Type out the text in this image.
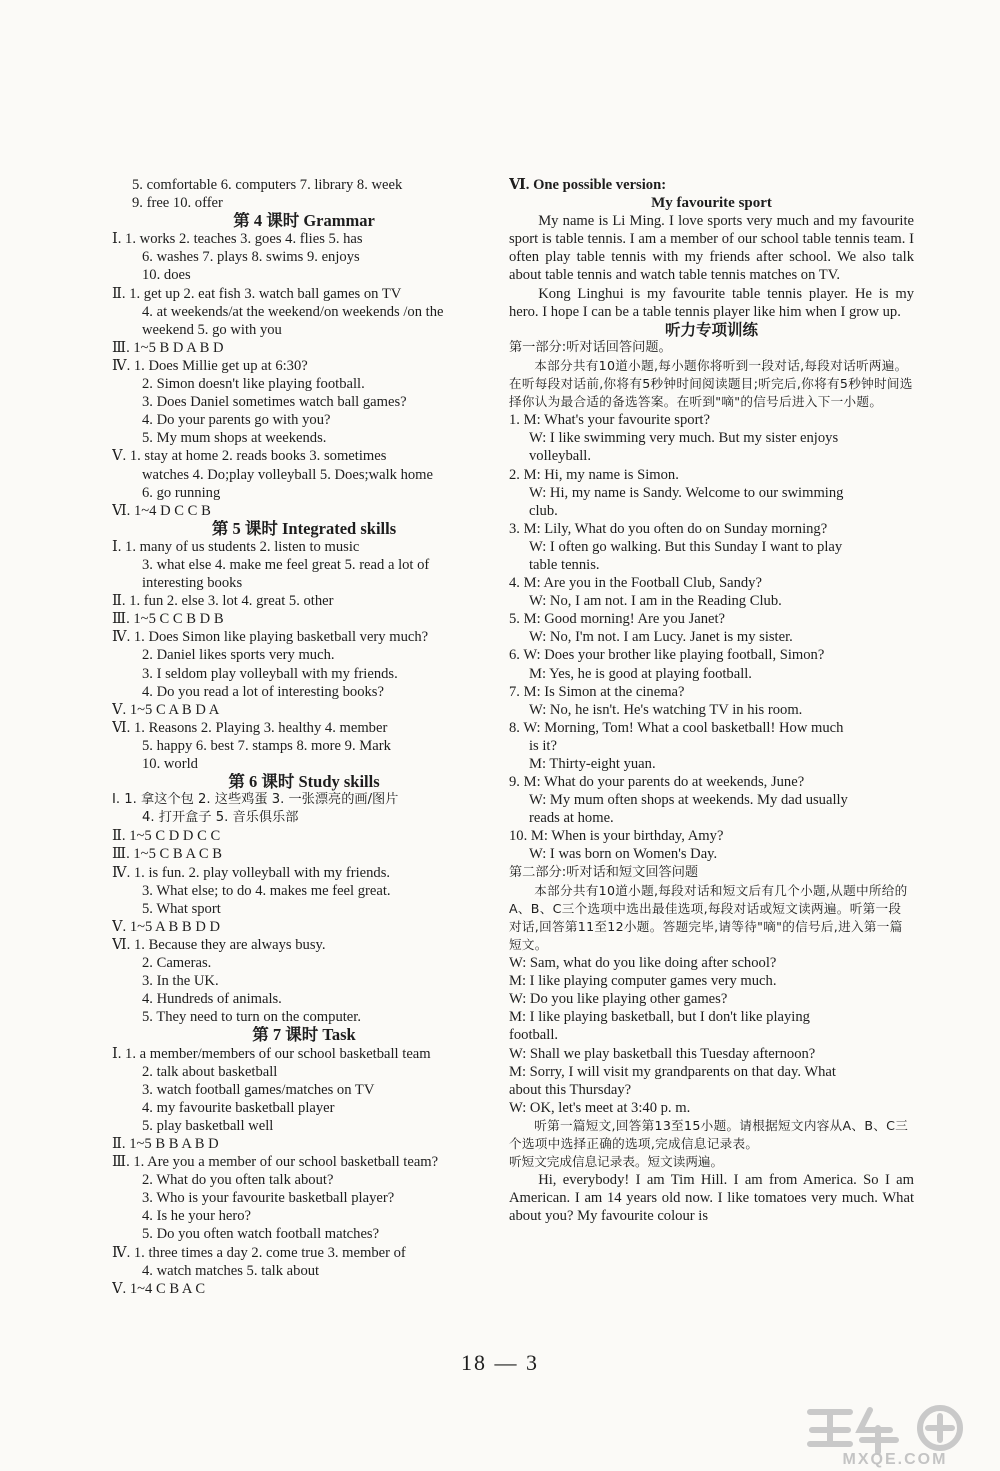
5. comfortable 6. computers 7. library 8. week
9. free 10. offer
第 4 课时 Grammar
Ⅰ. 1. works 2. teaches 3. goes 4. flies 5. has
6. washes 7. plays 8. swims 9. enjoys
10. does
Ⅱ. 1. get up 2. eat fish 3. watch ball games on TV
4. at weekends/at the weekend/on weekends /on the
weekend 5. go with you
Ⅲ. 1~5 B D A B D
Ⅳ. 1. Does Millie get up at 6:30?
2. Simon doesn't like playing football.
3. Does Daniel sometimes watch ball games?
4. Do your parents go with you?
5. My mum shops at weekends.
Ⅴ. 1. stay at home 2. reads books 3. sometimes
watches 4. Do;play volleyball 5. Does;walk home
6. go running
Ⅵ. 1~4 D C C B
第 5 课时 Integrated skills
Ⅰ. 1. many of us students 2. listen to music
3. what else 4. make me feel great 5. read a lot of
interesting books
Ⅱ. 1. fun 2. else 3. lot 4. great 5. other
Ⅲ. 1~5 C C B D B
Ⅳ. 1. Does Simon like playing basketball very much?
2. Daniel likes sports very much.
3. I seldom play volleyball with my friends.
4. Do you read a lot of interesting books?
Ⅴ. 1~5 C A B D A
Ⅵ. 1. Reasons 2. Playing 3. healthy 4. member
5. happy 6. best 7. stamps 8. more 9. Mark
10. world
第 6 课时 Study skills
Ⅰ. 1. 拿这个包 2. 这些鸡蛋 3. 一张漂亮的画/图片
4. 打开盒子 5. 音乐俱乐部
Ⅱ. 1~5 C D D C C
Ⅲ. 1~5 C B A C B
Ⅳ. 1. is fun. 2. play volleyball with my friends.
3. What else; to do 4. makes me feel great.
5. What sport
Ⅴ. 1~5 A B B D D
Ⅵ. 1. Because they are always busy.
2. Cameras.
3. In the UK.
4. Hundreds of animals.
5. They need to turn on the computer.
第 7 课时 Task
Ⅰ. 1. a member/members of our school basketball team
2. talk about basketball
3. watch football games/matches on TV
4. my favourite basketball player
5. play basketball well
Ⅱ. 1~5 B B A B D
Ⅲ. 1. Are you a member of our school basketball team?
2. What do you often talk about?
3. Who is your favourite basketball player?
4. Is he your hero?
5. Do you often watch football matches?
Ⅳ. 1. three times a day 2. come true 3. member of
4. watch matches 5. talk about
Ⅴ. 1~4 C B A C
Ⅵ. One possible version:
My favourite sport
My name is Li Ming. I love sports very much and my favourite sport is table tennis. I am a member of our school table tennis team. I often play table tennis with my friends after school. We also talk about table tennis and watch table tennis matches on TV.
Kong Linghui is my favourite table tennis player. He is my hero. I hope I can be a table tennis player like him when I grow up.
听力专项训练
第一部分:听对话回答问题。
本部分共有10道小题,每小题你将听到一段对话,每段对话听两遍。在听每段对话前,你将有5秒钟时间阅读题目;听完后,你将有5秒钟时间选择你认为最合适的备选答案。在听到"嘀"的信号后进入下一小题。
1. M: What's your favourite sport?
W: I like swimming very much. But my sister enjoys
volleyball.
2. M: Hi, my name is Simon.
W: Hi, my name is Sandy. Welcome to our swimming
club.
3. M: Lily, What do you often do on Sunday morning?
W: I often go walking. But this Sunday I want to play
table tennis.
4. M: Are you in the Football Club, Sandy?
W: No, I am not. I am in the Reading Club.
5. M: Good morning! Are you Janet?
W: No, I'm not. I am Lucy. Janet is my sister.
6. W: Does your brother like playing football, Simon?
M: Yes, he is good at playing football.
7. M: Is Simon at the cinema?
W: No, he isn't. He's watching TV in his room.
8. W: Morning, Tom! What a cool basketball! How much
is it?
M: Thirty-eight yuan.
9. M: What do your parents do at weekends, June?
W: My mum often shops at weekends. My dad usually
reads at home.
10. M: When is your birthday, Amy?
W: I was born on Women's Day.
第二部分:听对话和短文回答问题
本部分共有10道小题,每段对话和短文后有几个小题,从题中所给的A、B、C三个选项中选出最佳选项,每段对话或短文读两遍。听第一段对话,回答第11至12小题。答题完毕,请等待"嘀"的信号后,进入第一篇短文。
W: Sam, what do you like doing after school?
M: I like playing computer games very much.
W: Do you like playing other games?
M: I like playing basketball, but I don't like playing
football.
W: Shall we play basketball this Tuesday afternoon?
M: Sorry, I will visit my grandparents on that day. What
about this Thursday?
W: OK, let's meet at 3:40 p. m.
听第一篇短文,回答第13至15小题。请根据短文内容从A、B、C三个选项中选择正确的选项,完成信息记录表。
听短文完成信息记录表。短文读两遍。
Hi, everybody! I am Tim Hill. I am from America. So I am American. I am 14 years old now. I like tomatoes very much. What about you? My favourite colour is
18 — 3
MXQE.COM
